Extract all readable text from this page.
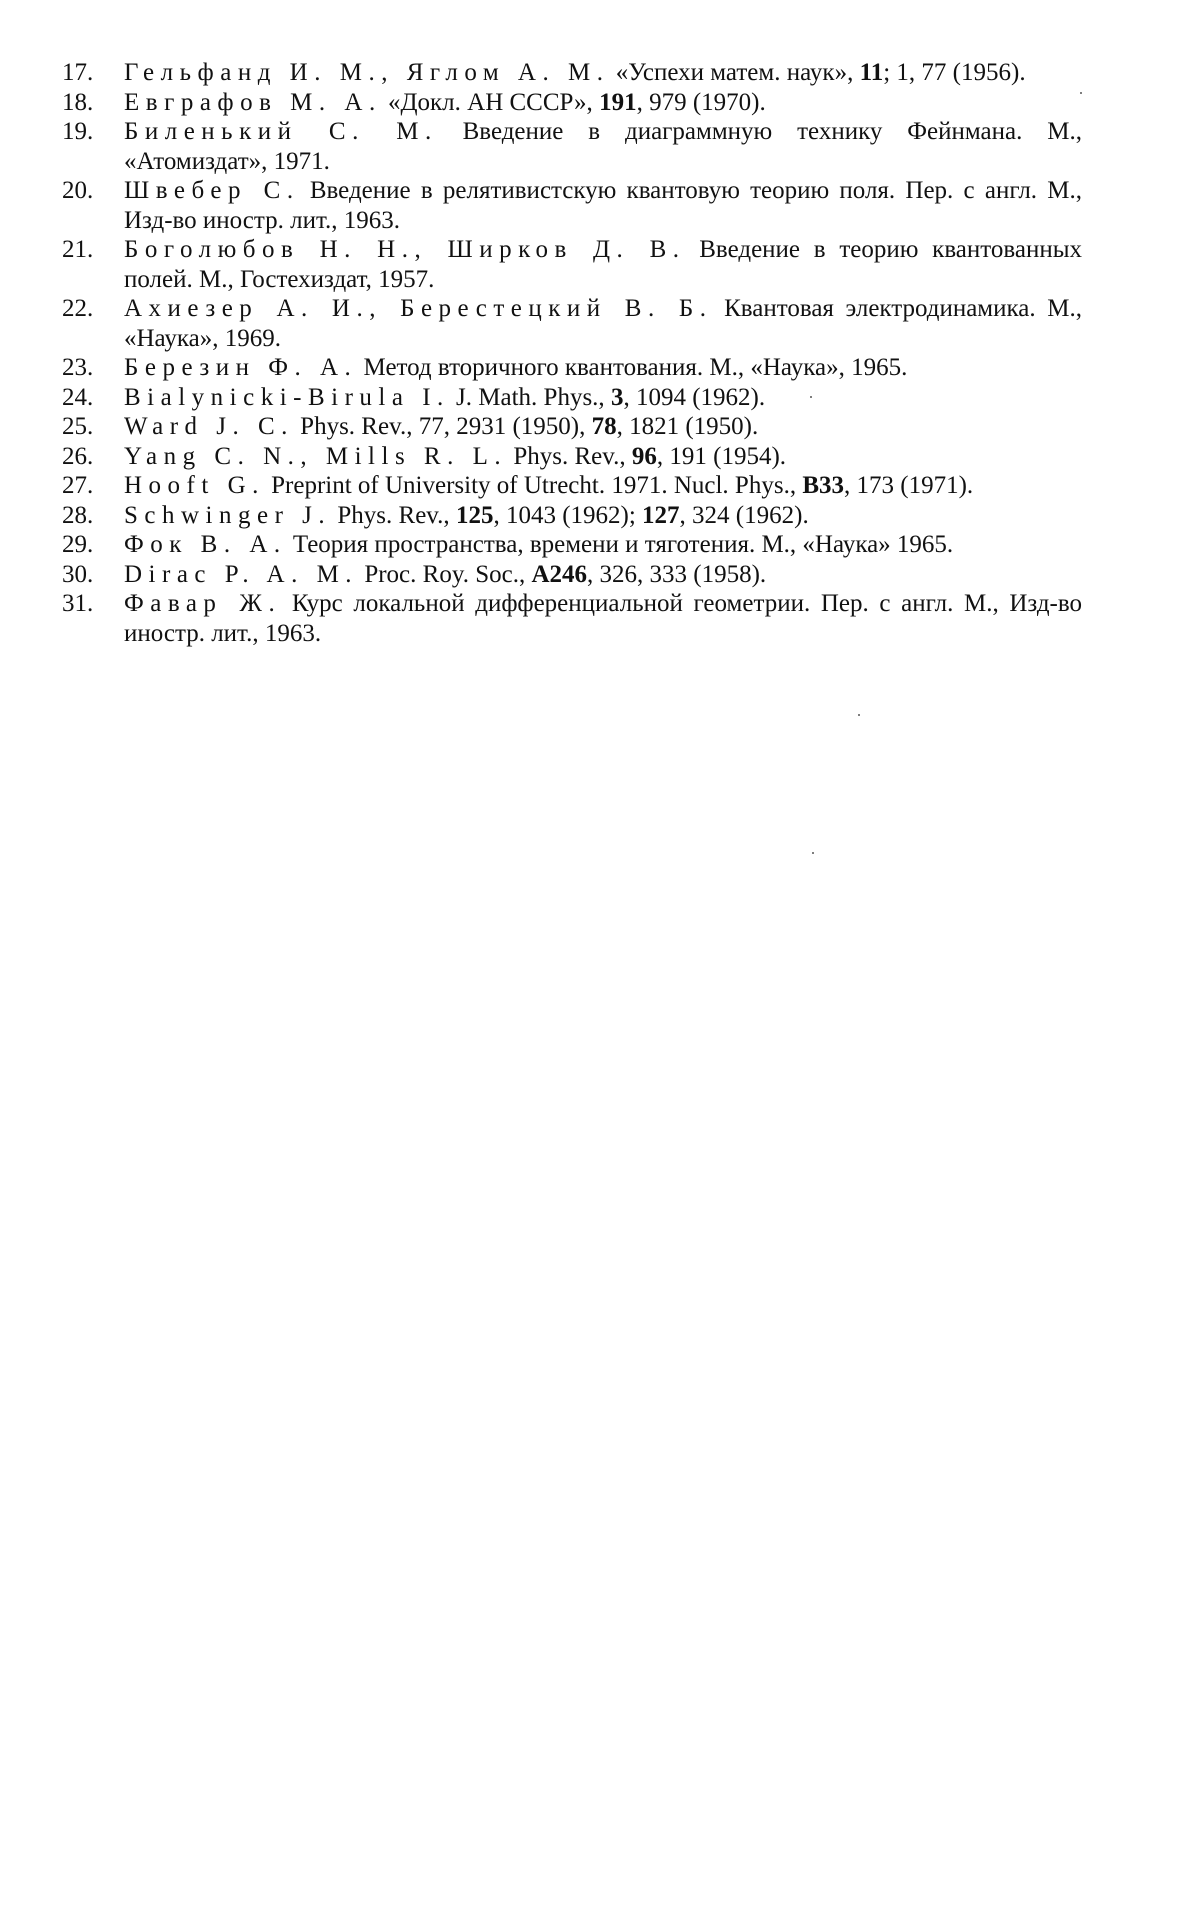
17.	Гельфанд И. М., Яглом А. М. «Успехи матем. наук», 11; 1, 77 (1956).
18.	Евграфов М. А. «Докл. АН СССР», 191, 979 (1970).
19.	Биленький С. М. Введение в диаграммную технику Фейнмана. М., «Атомиздат», 1971.
20.	Швебер С. Введение в релятивистскую квантовую теорию поля. Пер. с англ. М., Изд-во иностр. лит., 1963.
21.	Боголюбов Н. Н., Ширков Д. В. Введение в теорию квантованных полей. М., Гостехиздат, 1957.
22.	Ахиезер А. И., Берестецкий В. Б. Квантовая электродинамика. М., «Наука», 1969.
23.	Березин Ф. А. Метод вторичного квантования. М., «Наука», 1965.
24.	Bialynicki-Birula I. J. Math. Phys., 3, 1094 (1962).
25.	Ward J. C. Phys. Rev., 77, 2931 (1950), 78, 1821 (1950).
26.	Yang C. N., Mills R. L. Phys. Rev., 96, 191 (1954).
27.	Hooft G. Preprint of University of Utrecht. 1971. Nucl. Phys., B33, 173 (1971).
28.	Schwinger J. Phys. Rev., 125, 1043 (1962); 127, 324 (1962).
29.	Фок В. А. Теория пространства, времени и тяготения. М., «Наука» 1965.
30.	Dirac P. A. M. Proc. Roy. Soc., A246, 326, 333 (1958).
31.	Фавар Ж. Курс локальной дифференциальной геометрии. Пер. с англ. М., Изд-во иностр. лит., 1963.
